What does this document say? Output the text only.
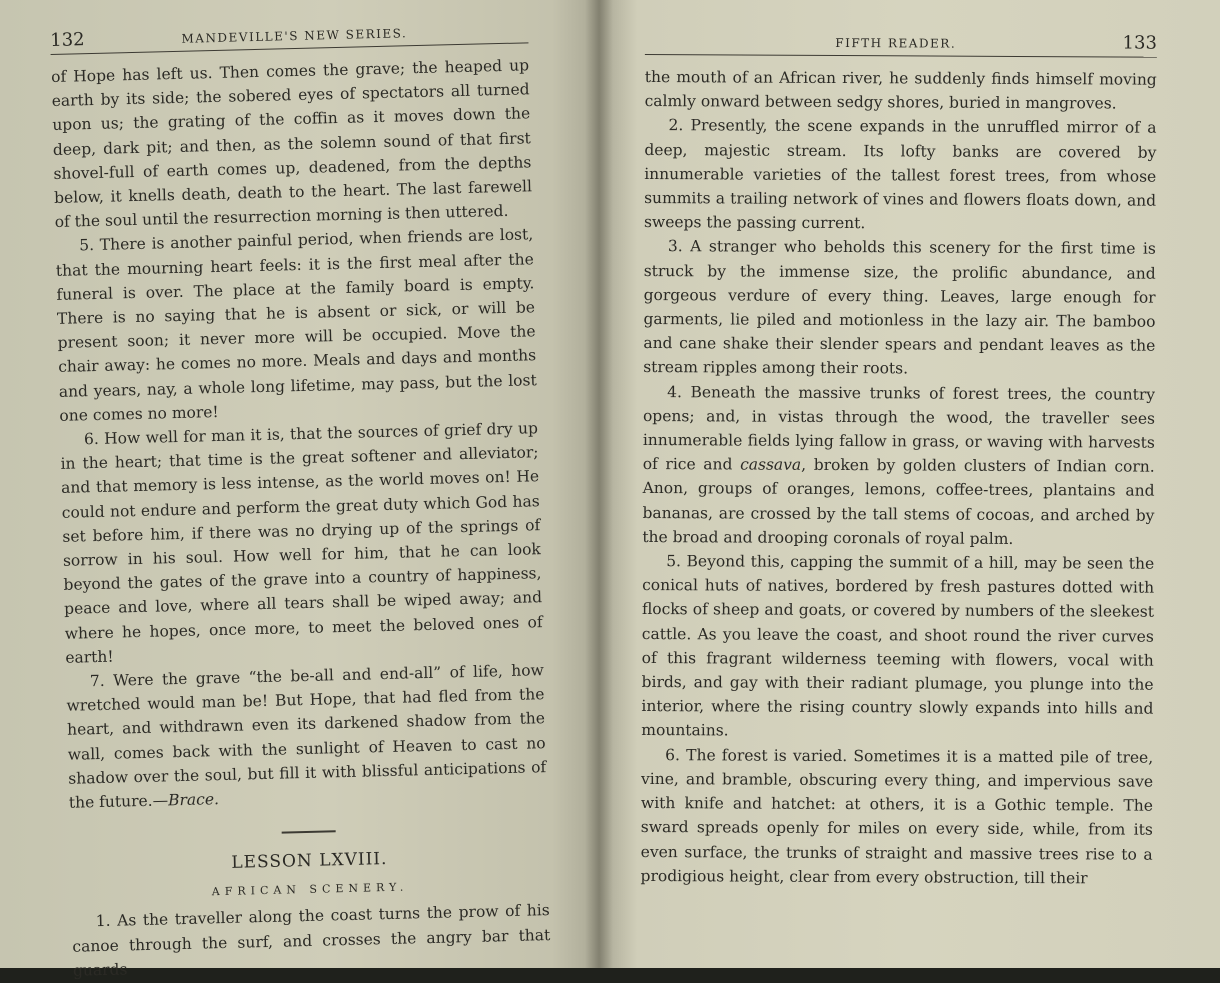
132	MANDEVILLE'S NEW SERIES.

of Hope has left us. Then comes the grave; the heaped up earth by its side; the sobered eyes of spectators all turned upon us; the grating of the coffin as it moves down the deep, dark pit; and then, as the solemn sound of that first shovel-full of earth comes up, deadened, from the depths below, it knells death, death to the heart. The last farewell of the soul until the resurrection morning is then uttered.

5. There is another painful period, when friends are lost, that the mourning heart feels: it is the first meal after the funeral is over. The place at the family board is empty. There is no saying that he is absent or sick, or will be present soon; it never more will be occupied. Move the chair away: he comes no more. Meals and days and months and years, nay, a whole long lifetime, may pass, but the lost one comes no more!

6. How well for man it is, that the sources of grief dry up in the heart; that time is the great softener and alleviator; and that memory is less intense, as the world moves on! He could not endure and perform the great duty which God has set before him, if there was no drying up of the springs of sorrow in his soul. How well for him, that he can look beyond the gates of the grave into a country of happiness, peace and love, where all tears shall be wiped away; and where he hopes, once more, to meet the beloved ones of earth!

7. Were the grave “the be-all and end-all” of life, how wretched would man be! But Hope, that had fled from the heart, and withdrawn even its darkened shadow from the wall, comes back with the sunlight of Heaven to cast no shadow over the soul, but fill it with blissful anticipations of the future.—Brace.

LESSON LXVIII.
AFRICAN SCENERY.

1. As the traveller along the coast turns the prow of his canoe through the surf, and crosses the angry bar that guards

FIFTH READER.	133

the mouth of an African river, he suddenly finds himself moving calmly onward between sedgy shores, buried in mangroves.

2. Presently, the scene expands in the unruffled mirror of a deep, majestic stream. Its lofty banks are covered by innumerable varieties of the tallest forest trees, from whose summits a trailing network of vines and flowers floats down, and sweeps the passing current.

3. A stranger who beholds this scenery for the first time is struck by the immense size, the prolific abundance, and gorgeous verdure of every thing. Leaves, large enough for garments, lie piled and motionless in the lazy air. The bamboo and cane shake their slender spears and pendant leaves as the stream ripples among their roots.

4. Beneath the massive trunks of forest trees, the country opens; and, in vistas through the wood, the traveller sees innumerable fields lying fallow in grass, or waving with harvests of rice and cassava, broken by golden clusters of Indian corn. Anon, groups of oranges, lemons, coffee-trees, plantains and bananas, are crossed by the tall stems of cocoas, and arched by the broad and drooping coronals of royal palm.

5. Beyond this, capping the summit of a hill, may be seen the conical huts of natives, bordered by fresh pastures dotted with flocks of sheep and goats, or covered by numbers of the sleekest cattle. As you leave the coast, and shoot round the river curves of this fragrant wilderness teeming with flowers, vocal with birds, and gay with their radiant plumage, you plunge into the interior, where the rising country slowly expands into hills and mountains.

6. The forest is varied. Sometimes it is a matted pile of tree, vine, and bramble, obscuring every thing, and impervious save with knife and hatchet: at others, it is a Gothic temple. The sward spreads openly for miles on every side, while, from its even surface, the trunks of straight and massive trees rise to a prodigious height, clear from every obstruction, till their
